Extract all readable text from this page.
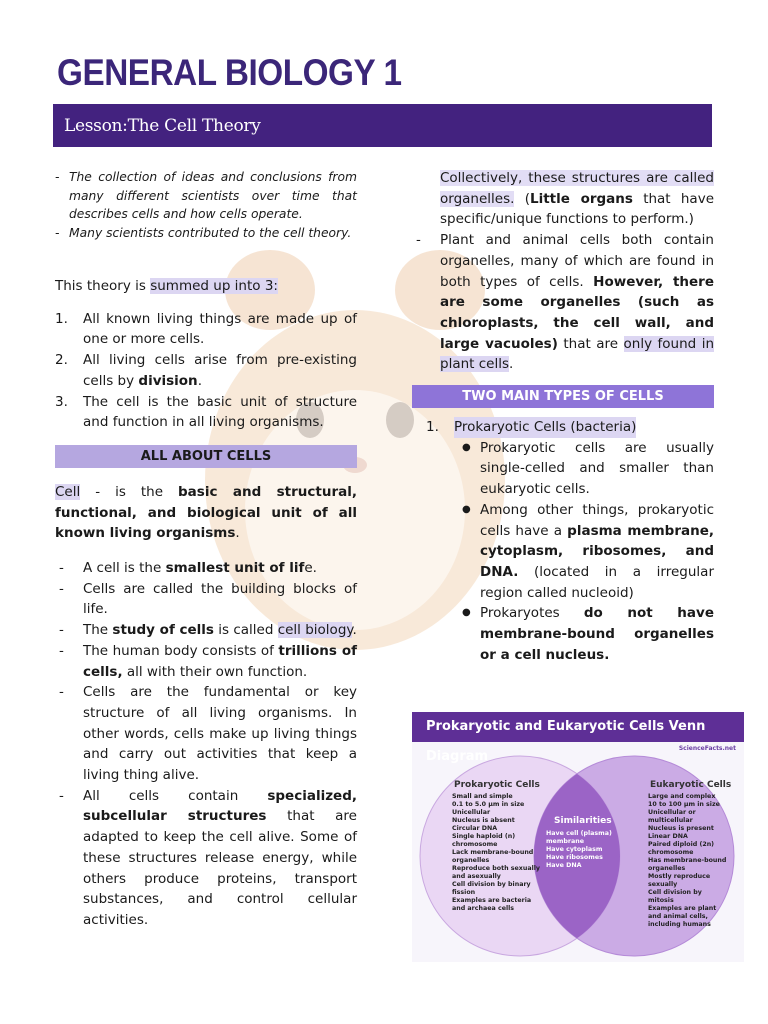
GENERAL BIOLOGY 1
Lesson:The Cell Theory
- The collection of ideas and conclusions from many different scientists over time that describes cells and how cells operate.
- Many scientists contributed to the cell theory.
This theory is summed up into 3:
1.	All known living things are made up of one or more cells.
2.	All living cells arise from pre-existing cells by division.
3.	The cell is the basic unit of structure and function in all living organisms.
ALL ABOUT CELLS
Cell - is the basic and structural, functional, and biological unit of all known living organisms.
-	A cell is the smallest unit of life.
-	Cells are called the building blocks of life.
-	The study of cells is called cell biology.
-	The human body consists of trillions of cells, all with their own function.
-	Cells are the fundamental or key structure of all living organisms. In other words, cells make up living things and carry out activities that keep a living thing alive.
-	All cells contain specialized, subcellular structures that are adapted to keep the cell alive. Some of these structures release energy, while others produce proteins, transport substances, and control cellular activities.
Collectively, these structures are called organelles. (Little organs that have specific/unique functions to perform.)
-	Plant and animal cells both contain organelles, many of which are found in both types of cells. However, there are some organelles (such as chloroplasts, the cell wall, and large vacuoles) that are only found in plant cells.
TWO MAIN TYPES OF CELLS
1.	Prokaryotic Cells (bacteria)
● Prokaryotic cells are usually single-celled and smaller than eukaryotic cells.
● Among other things, prokaryotic cells have a plasma membrane, cytoplasm, ribosomes, and DNA. (located in a irregular region called nucleoid)
● Prokaryotes do not have membrane-bound organelles or a cell nucleus.
Prokaryotic and Eukaryotic Cells Venn Diagram
ScienceFacts.net
Prokaryotic Cells
Small and simple
0.1 to 5.0 μm in size
Unicellular
Nucleus is absent
Circular DNA
Single haploid (n) chromosome
Lack membrane-bound organelles
Reproduce both sexually and asexually
Cell division by binary fission
Examples are bacteria and archaea cells
Similarities
Have cell (plasma) membrane
Have cytoplasm
Have ribosomes
Have DNA
Eukaryotic Cells
Large and complex
10 to 100 μm in size
Unicellular or multicellular
Nucleus is present
Linear DNA
Paired diploid (2n) chromosome
Has membrane-bound organelles
Mostly reproduce sexually
Cell division by mitosis
Examples are plant and animal cells, including humans
